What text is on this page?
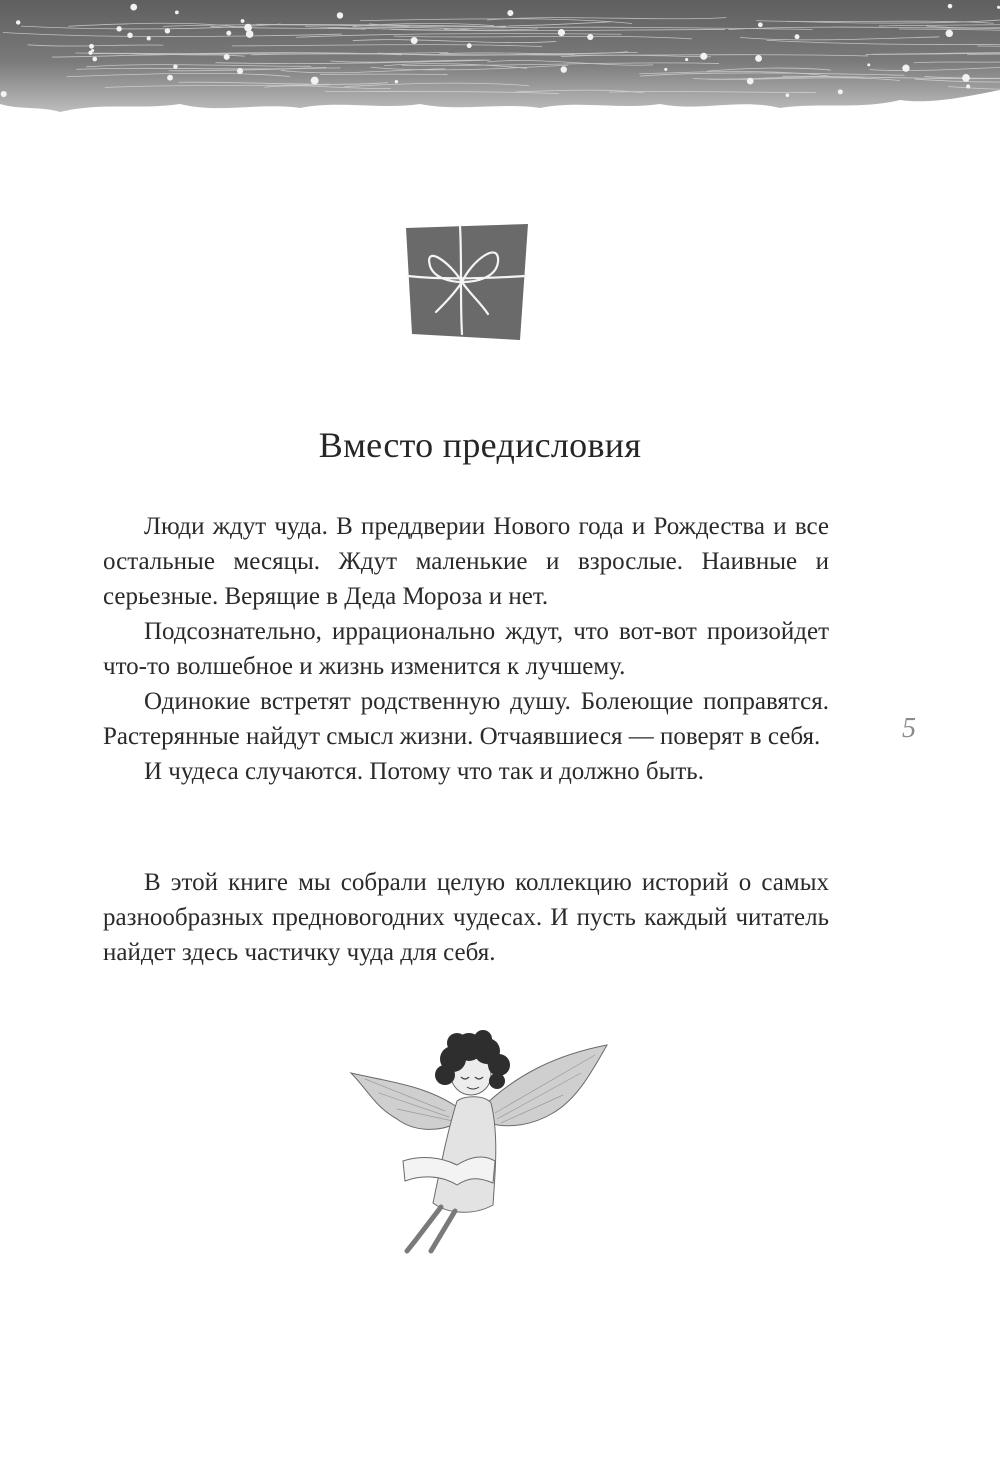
Вместо предисловия

Люди ждут чуда. В преддверии Нового года и Рождества и все остальные месяцы. Ждут маленькие и взрослые. Наивные и серьезные. Верящие в Деда Мороза и нет.

Подсознательно, иррационально ждут, что вот-вот произойдет что-то волшебное и жизнь изменится к лучшему.

Одинокие встретят родственную душу. Болеющие поправятся. Растерянные найдут смысл жизни. Отчаявшиеся — поверят в себя.

И чудеса случаются. Потому что так и должно быть.

В этой книге мы собрали целую коллекцию историй о самых разнообразных предновогодних чудесах. И пусть каждый читатель найдет здесь частичку чуда для себя.

5
